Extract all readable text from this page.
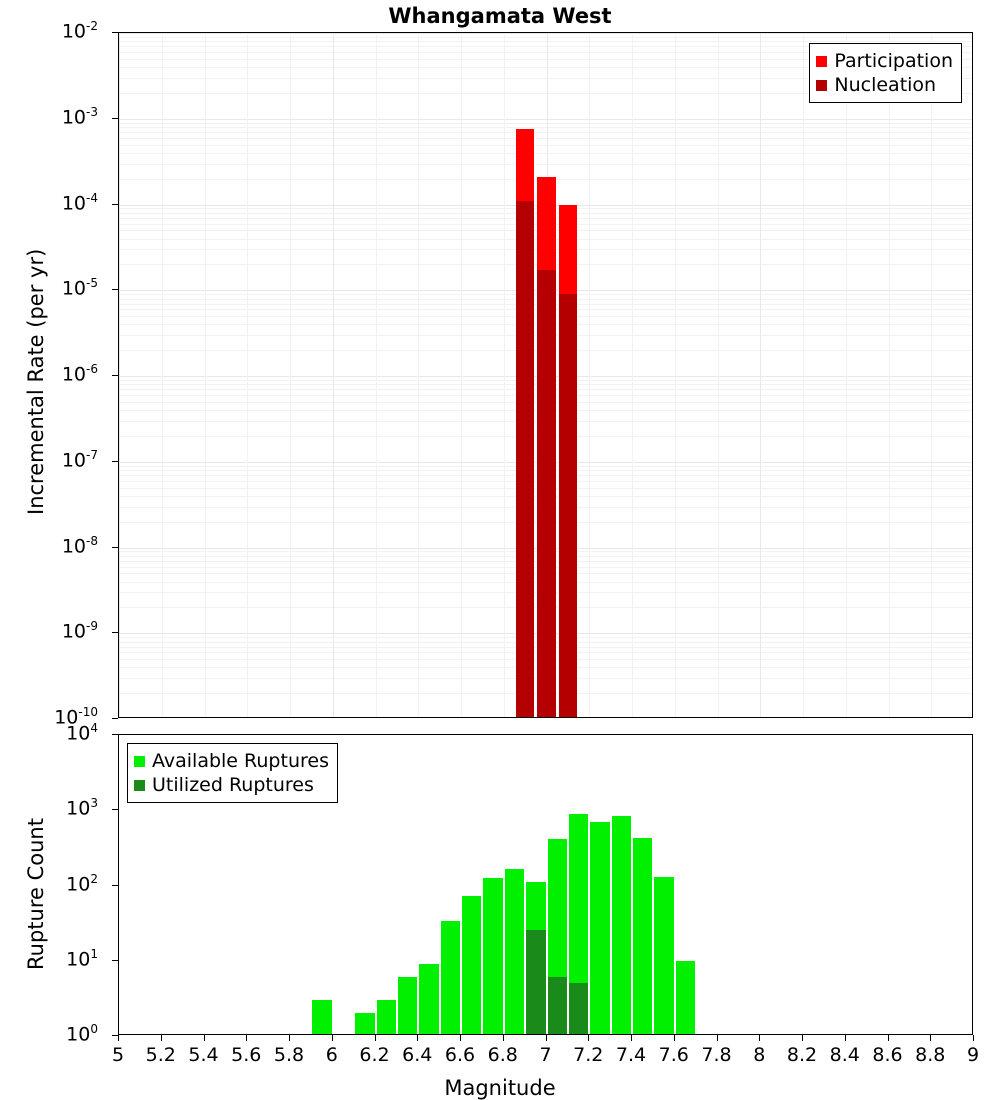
Whangamata West
Participation
Nucleation
Available Ruptures
Utilized Ruptures
$10^{-2}$
$10^{-3}$
$10^{-4}$
$10^{-5}$
$10^{-6}$
$10^{-7}$
$10^{-8}$
$10^{-9}$
$10^{-10}$
Incremental Rate (per yr)
$10^4$
$10^3$
$10^2$
$10^1$
$10^0$
Rupture Count
5	5.2 5.4 5.6 5.8	6	6.2 6.4 6.6 6.8	7	7.2 7.4 7.6 7.8	8	8.2 8.4 8.6 8.8	9
Magnitude
